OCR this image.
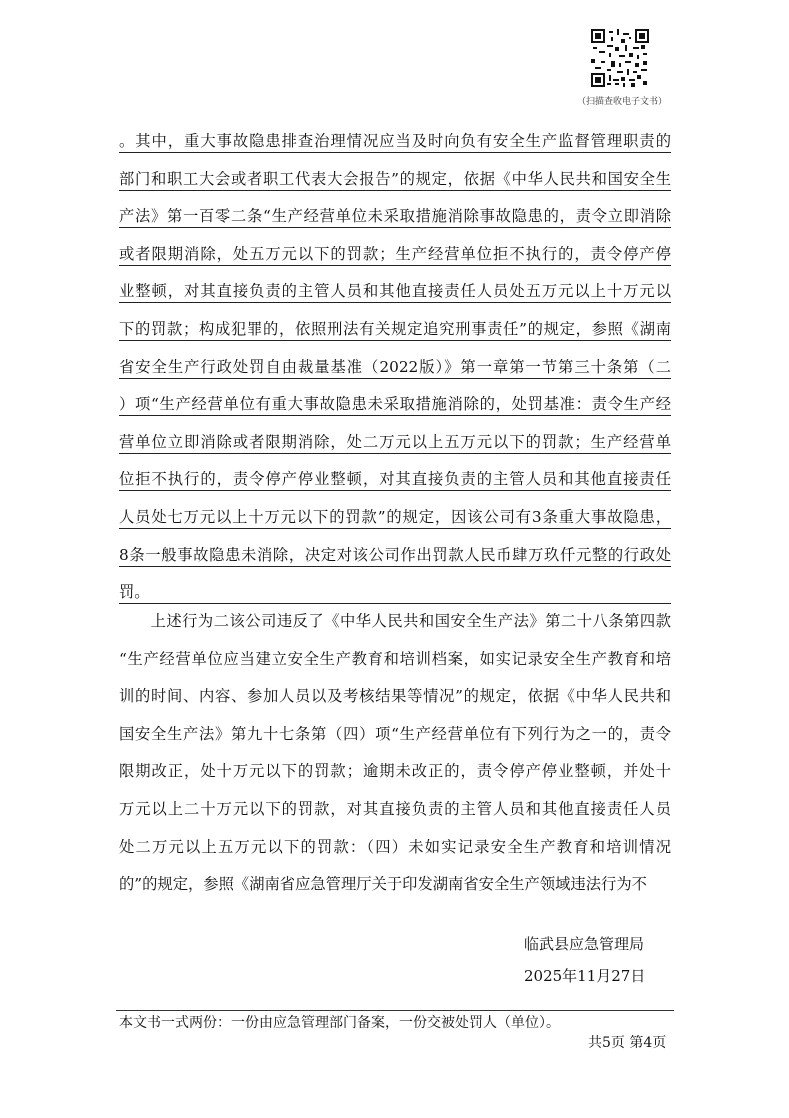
（扫描查收电子文书）
。其中，重大事故隐患排查治理情况应当及时向负有安全生产监督管理职责的
部门和职工大会或者职工代表大会报告”的规定，依据《中华人民共和国安全生
产法》第一百零二条“生产经营单位未采取措施消除事故隐患的，责令立即消除
或者限期消除，处五万元以下的罚款；生产经营单位拒不执行的，责令停产停
业整顿，对其直接负责的主管人员和其他直接责任人员处五万元以上十万元以
下的罚款；构成犯罪的，依照刑法有关规定追究刑事责任”的规定，参照《湖南
省安全生产行政处罚自由裁量基准（2022版）》第一章第一节第三十条第（二
）项“生产经营单位有重大事故隐患未采取措施消除的，处罚基准：责令生产经
营单位立即消除或者限期消除，处二万元以上五万元以下的罚款；生产经营单
位拒不执行的，责令停产停业整顿，对其直接负责的主管人员和其他直接责任
人员处七万元以上十万元以下的罚款”的规定，因该公司有3条重大事故隐患，
8条一般事故隐患未消除，决定对该公司作出罚款人民币肆万玖仟元整的行政处
罚。
　　上述行为二该公司违反了《中华人民共和国安全生产法》第二十八条第四款
“生产经营单位应当建立安全生产教育和培训档案，如实记录安全生产教育和培
训的时间、内容、参加人员以及考核结果等情况”的规定，依据《中华人民共和
国安全生产法》第九十七条第（四）项“生产经营单位有下列行为之一的，责令
限期改正，处十万元以下的罚款；逾期未改正的，责令停产停业整顿，并处十
万元以上二十万元以下的罚款，对其直接负责的主管人员和其他直接责任人员
处二万元以上五万元以下的罚款：（四）未如实记录安全生产教育和培训情况
的”的规定，参照《湖南省应急管理厅关于印发湖南省安全生产领域违法行为不
临武县应急管理局
2025年11月27日
本文书一式两份：一份由应急管理部门备案，一份交被处罚人（单位）。
共5页 第4页
